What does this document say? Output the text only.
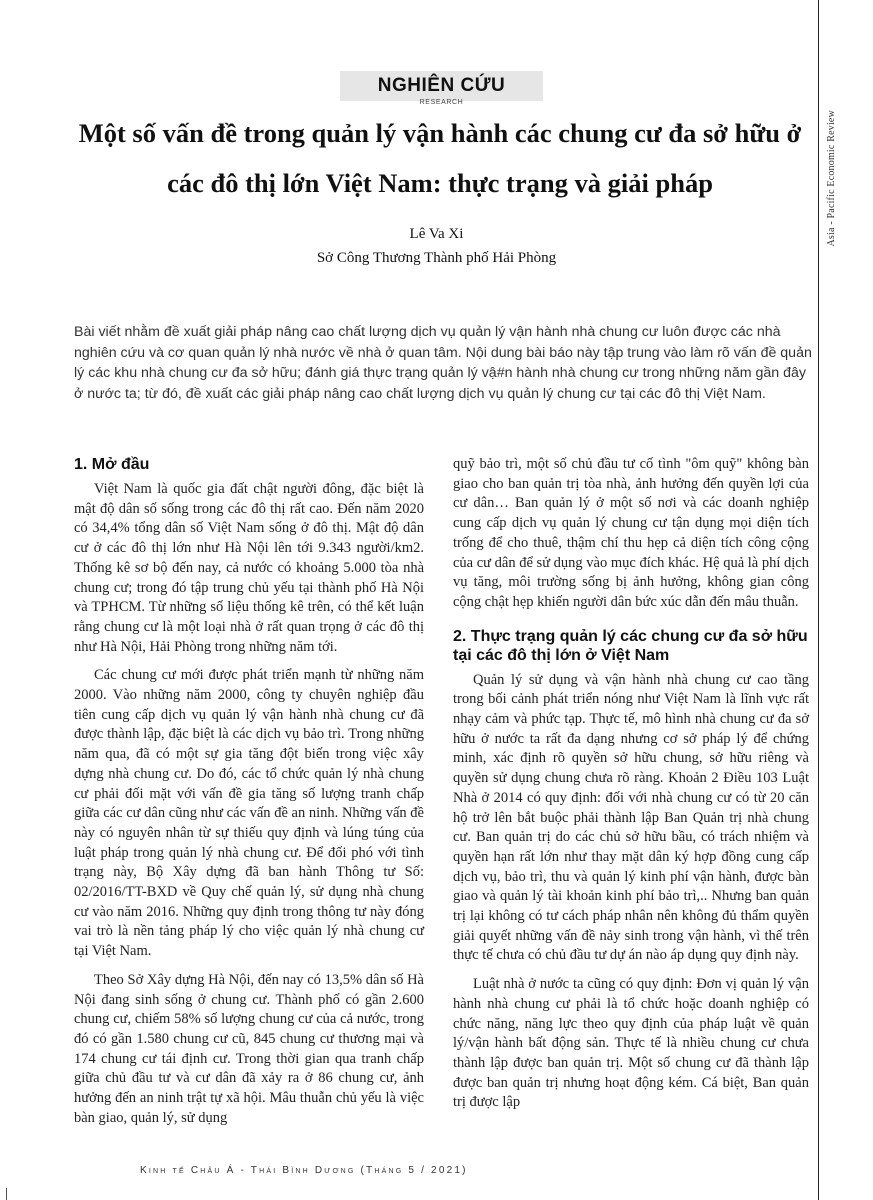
Asia - Pacific Economic Review
NGHIÊN CỨU
RESEARCH
Một số vấn đề trong quản lý vận hành các chung cư đa sở hữu ở các đô thị lớn Việt Nam: thực trạng và giải pháp
Lê Va Xi
Sở Công Thương Thành phố Hải Phòng

Bài viết nhằm đề xuất giải pháp nâng cao chất lượng dịch vụ quản lý vận hành nhà chung cư luôn được các nhà nghiên cứu và cơ quan quản lý nhà nước về nhà ở quan tâm. Nội dung bài báo này tập trung vào làm rõ vấn đề quản lý các khu nhà chung cư đa sở hữu; đánh giá thực trạng quản lý vậ#n hành nhà chung cư trong những năm gần đây ở nước ta; từ đó, đề xuất các giải pháp nâng cao chất lượng dịch vụ quản lý chung cư tại các đô thị Việt Nam.

1. Mở đầu

Việt Nam là quốc gia đất chật người đông, đặc biệt là mật độ dân số sống trong các đô thị rất cao. Đến năm 2020 có 34,4% tổng dân số Việt Nam sống ở đô thị. Mật độ dân cư ở các đô thị lớn như Hà Nội lên tới 9.343 người/km2. Thống kê sơ bộ đến nay, cả nước có khoảng 5.000 tòa nhà chung cư; trong đó tập trung chủ yếu tại thành phố Hà Nội và TPHCM. Từ những số liệu thống kê trên, có thể kết luận rằng chung cư là một loại nhà ở rất quan trọng ở các đô thị như Hà Nội, Hải Phòng trong những năm tới.

Các chung cư mới được phát triển mạnh từ những năm 2000. Vào những năm 2000, công ty chuyên nghiệp đầu tiên cung cấp dịch vụ quản lý vận hành nhà chung cư đã được thành lập, đặc biệt là các dịch vụ bảo trì. Trong những năm qua, đã có một sự gia tăng đột biến trong việc xây dựng nhà chung cư. Do đó, các tổ chức quản lý nhà chung cư phải đối mặt với vấn đề gia tăng số lượng tranh chấp giữa các cư dân cũng như các vấn đề an ninh. Những vấn đề này có nguyên nhân từ sự thiếu quy định và lúng túng của luật pháp trong quản lý nhà chung cư. Để đối phó với tình trạng này, Bộ Xây dựng đã ban hành Thông tư Số: 02/2016/TT-BXD về Quy chế quản lý, sử dụng nhà chung cư vào năm 2016. Những quy định trong thông tư này đóng vai trò là nền tảng pháp lý cho việc quản lý nhà chung cư tại Việt Nam.

Theo Sở Xây dựng Hà Nội, đến nay có 13,5% dân số Hà Nội đang sinh sống ở chung cư. Thành phố có gần 2.600 chung cư, chiếm 58% số lượng chung cư của cả nước, trong đó có gần 1.580 chung cư cũ, 845 chung cư thương mại và 174 chung cư tái định cư. Trong thời gian qua tranh chấp giữa chủ đầu tư và cư dân đã xảy ra ở 86 chung cư, ảnh hưởng đến an ninh trật tự xã hội. Mâu thuẫn chủ yếu là việc bàn giao, quản lý, sử dụng

quỹ bảo trì, một số chủ đầu tư cố tình "ôm quỹ" không bàn giao cho ban quản trị tòa nhà, ảnh hưởng đến quyền lợi của cư dân… Ban quản lý ở một số nơi và các doanh nghiệp cung cấp dịch vụ quản lý chung cư tận dụng mọi diện tích trống để cho thuê, thậm chí thu hẹp cả diện tích công cộng của cư dân để sử dụng vào mục đích khác. Hệ quả là phí dịch vụ tăng, môi trường sống bị ảnh hưởng, không gian công cộng chật hẹp khiến người dân bức xúc dẫn đến mâu thuẫn.

2. Thực trạng quản lý các chung cư đa sở hữu tại các đô thị lớn ở Việt Nam

Quản lý sử dụng và vận hành nhà chung cư cao tầng trong bối cảnh phát triển nóng như Việt Nam là lĩnh vực rất nhạy cảm và phức tạp. Thực tế, mô hình nhà chung cư đa sở hữu ở nước ta rất đa dạng nhưng cơ sở pháp lý để chứng minh, xác định rõ quyền sở hữu chung, sở hữu riêng và quyền sử dụng chung chưa rõ ràng. Khoản 2 Điều 103 Luật Nhà ở 2014 có quy định: đối với nhà chung cư có từ 20 căn hộ trở lên bắt buộc phải thành lập Ban Quản trị nhà chung cư. Ban quản trị do các chủ sở hữu bầu, có trách nhiệm và quyền hạn rất lớn như thay mặt dân ký hợp đồng cung cấp dịch vụ, bảo trì, thu và quản lý kinh phí vận hành, được bàn giao và quản lý tài khoản kinh phí bảo trì,.. Nhưng ban quản trị lại không có tư cách pháp nhân nên không đủ thẩm quyền giải quyết những vấn đề nảy sinh trong vận hành, vì thế trên thực tế chưa có chủ đầu tư dự án nào áp dụng quy định này.

Luật nhà ở nước ta cũng có quy định: Đơn vị quản lý vận hành nhà chung cư phải là tổ chức hoặc doanh nghiệp có chức năng, năng lực theo quy định của pháp luật về quản lý/vận hành bất động sản. Thực tế là nhiều chung cư chưa thành lập được ban quản trị. Một số chung cư đã thành lập được ban quản trị nhưng hoạt động kém. Cá biệt, Ban quản trị được lập

Kinh tế Châu Á - Thái Bình Dương (Tháng 5 / 2021)
